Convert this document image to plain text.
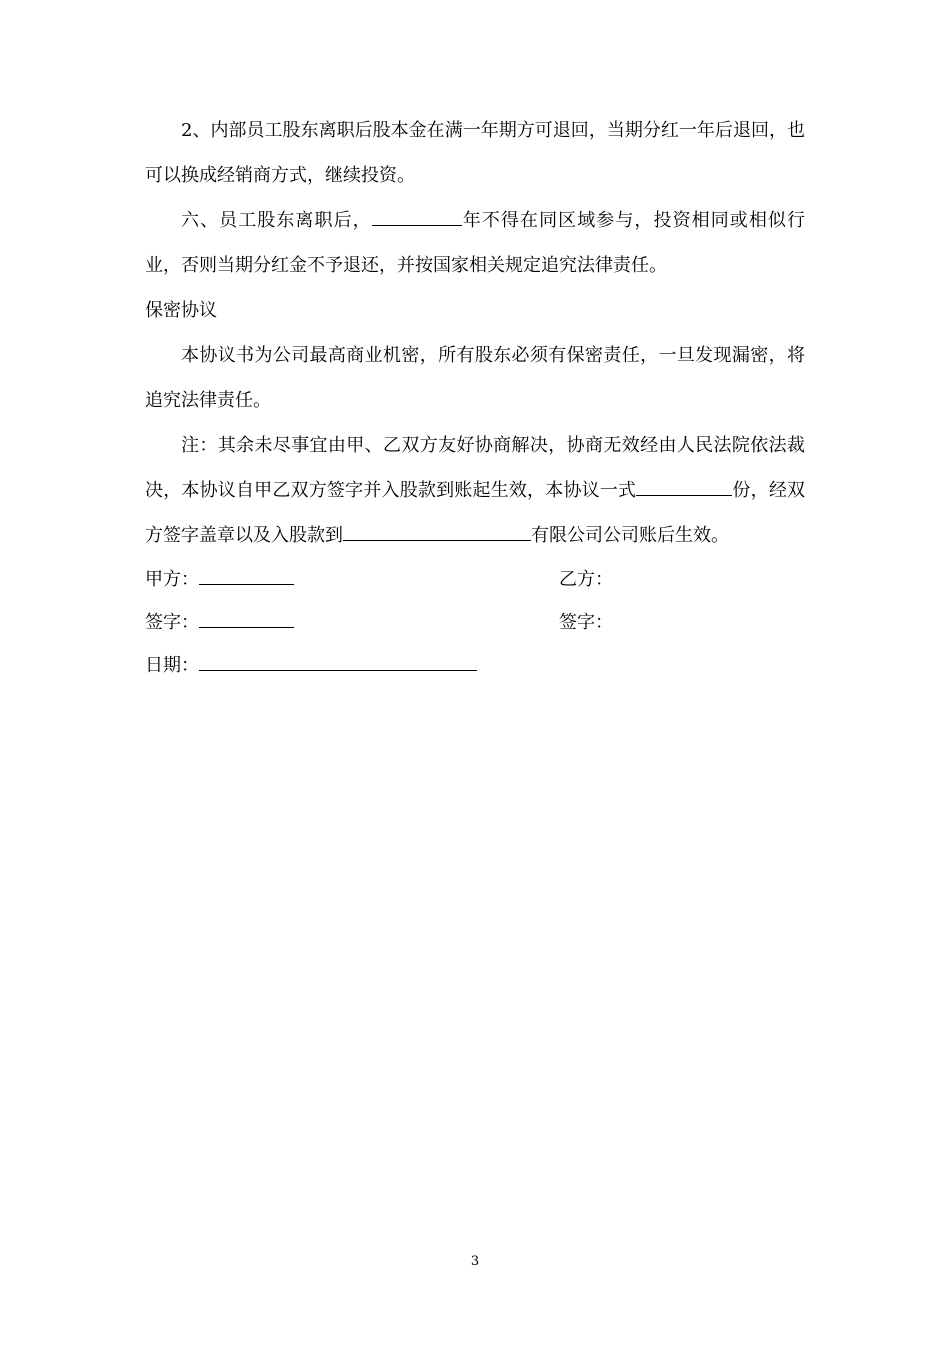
2、内部员工股东离职后股本金在满一年期方可退回，当期分红一年后退回，也可以换成经销商方式，继续投资。

六、员工股东离职后，	年不得在同区域参与，投资相同或相似行业，否则当期分红金不予退还，并按国家相关规定追究法律责任。

保密协议

本协议书为公司最高商业机密，所有股东必须有保密责任，一旦发现漏密，将追究法律责任。

注：其余未尽事宜由甲、乙双方友好协商解决，协商无效经由人民法院依法裁决，本协议自甲乙双方签字并入股款到账起生效，本协议一式	份，经双方签字盖章以及入股款到	有限公司公司账后生效。

甲方：	乙方：
签字：	签字：
日期：
3
